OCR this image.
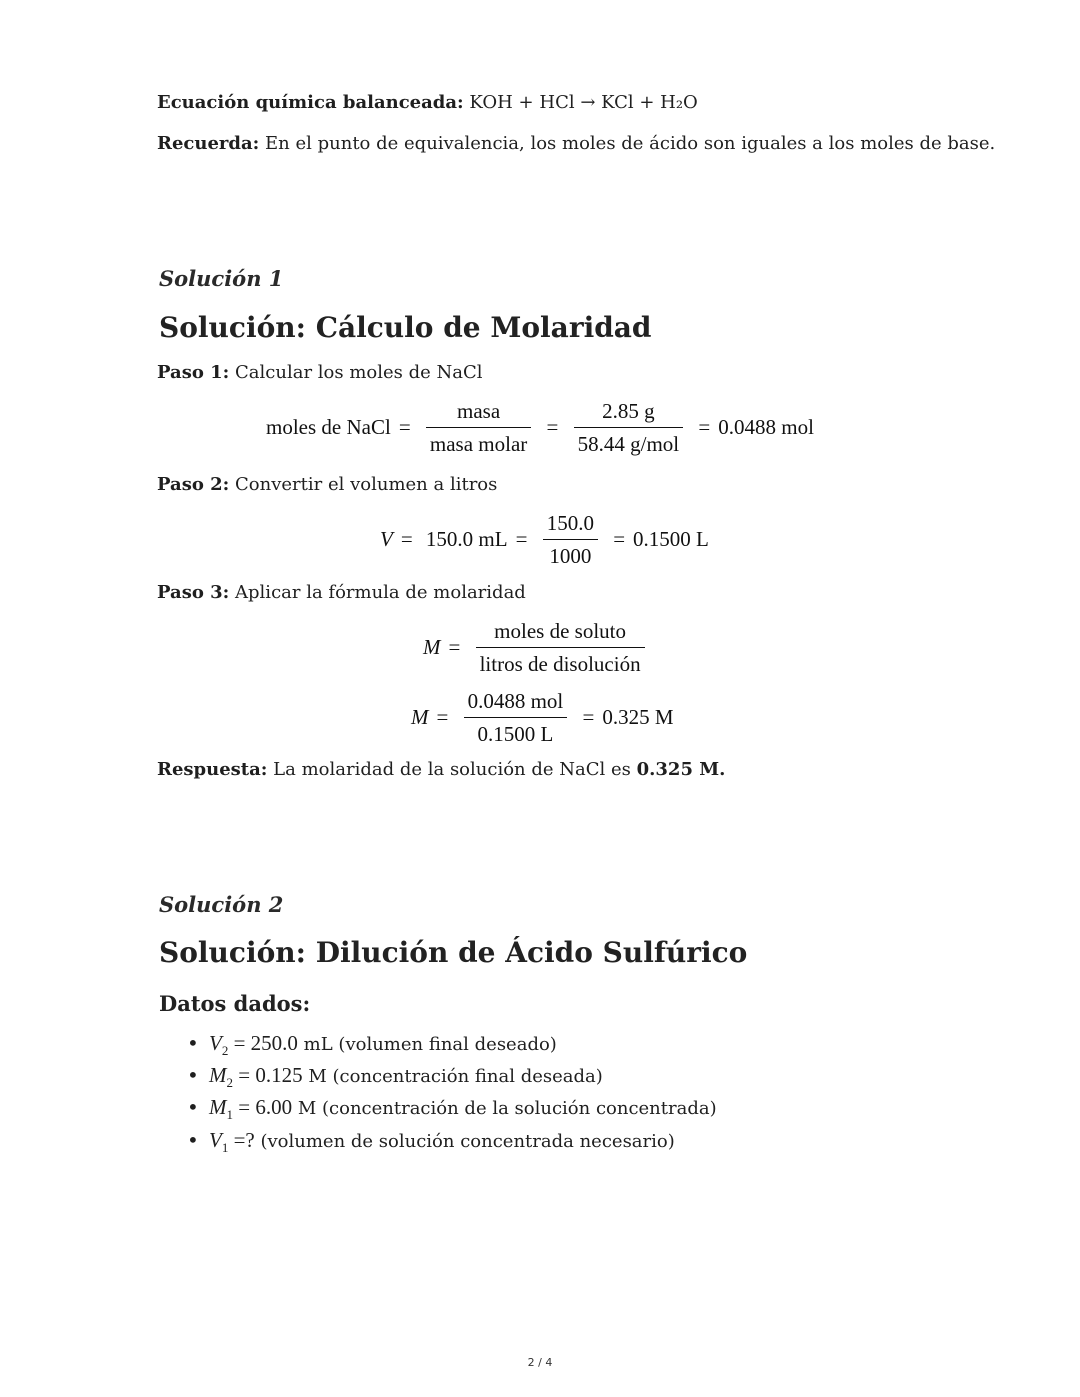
Ecuación química balanceada: KOH + HCl → KCl + H₂O
Recuerda: En el punto de equivalencia, los moles de ácido son iguales a los moles de base.
Solución 1
Solución: Cálculo de Molaridad
Paso 1: Calcular los moles de NaCl
moles de NaCl = $\frac{\text{masa}}{\text{masa molar}} = \frac{2.85 g}{\text{58.44 g/mol}} = 0.0488$ mol
Paso 2: Convertir el volumen a litros
V = 150.0 mL = $\frac{150.0}{1000} = 0.1500$ L
Paso 3: Aplicar la fórmula de molaridad
$M = \frac{\text{moles de soluto}}{\text{litros de disolución}}$
$M = \frac{\text{0.0488 mol}}{0.1500 L} = 0.325$ M
Respuesta: La molaridad de la solución de NaCl es 0.325 M.
Solución 2
Solución: Dilución de Ácido Sulfúrico
Datos dados:
• $V_2 = 250.0$ mL (volumen final deseado)
• $M_2 = 0.125$ M (concentración final deseada)
• $M_1 = 6.00$ M (concentración de la solución concentrada)
• $V_1$ =? (volumen de solución concentrada necesario)
2 / 4
